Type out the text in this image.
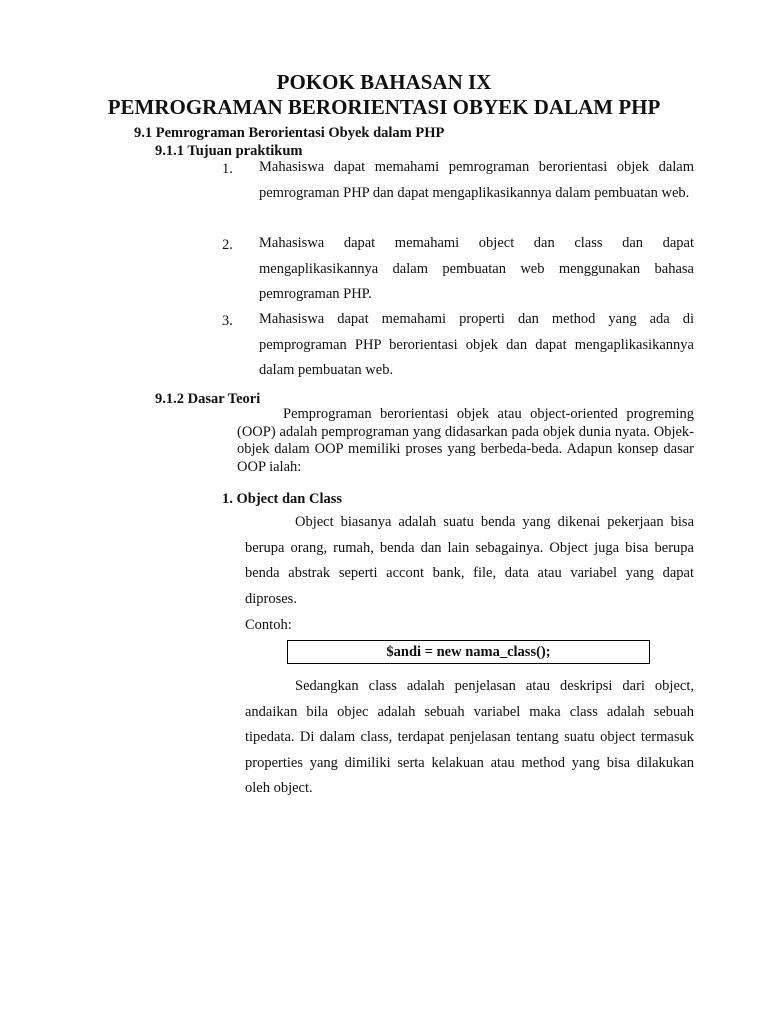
POKOK BAHASAN IX
PEMROGRAMAN BERORIENTASI OBYEK DALAM PHP
9.1 Pemrograman Berorientasi Obyek dalam PHP
9.1.1 Tujuan praktikum
1. Mahasiswa dapat memahami pemrograman berorientasi objek dalam pemrograman PHP dan dapat mengaplikasikannya dalam pembuatan web.

2. Mahasiswa dapat memahami object dan class dan dapat mengaplikasikannya dalam pembuatan web menggunakan bahasa pemrograman PHP.

3. Mahasiswa dapat memahami properti dan method yang ada di pemprograman PHP berorientasi objek dan dapat mengaplikasikannya dalam pembuatan web.

9.1.2 Dasar Teori

Pemprograman berorientasi objek atau object-oriented progreming (OOP) adalah pemprograman yang didasarkan pada objek dunia nyata. Objek-objek dalam OOP memiliki proses yang berbeda-beda. Adapun konsep dasar OOP ialah:

1. Object dan Class

Object biasanya adalah suatu benda yang dikenai pekerjaan bisa berupa orang, rumah, benda dan lain sebagainya. Object juga bisa berupa benda abstrak seperti accont bank, file, data atau variabel yang dapat diproses.

Contoh:
$andi = new nama_class();

Sedangkan class adalah penjelasan atau deskripsi dari object, andaikan bila objec adalah sebuah variabel maka class adalah sebuah tipedata. Di dalam class, terdapat penjelasan tentang suatu object termasuk properties yang dimiliki serta kelakuan atau method yang bisa dilakukan oleh object.
